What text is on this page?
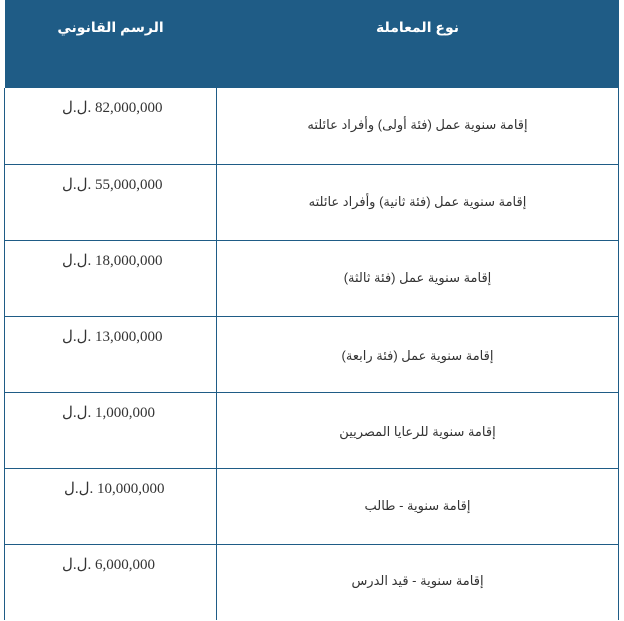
الرسم القانوني	نوع المعاملة
ل.ل. 82,000,000	إقامة سنوية عمل (فئة أولى) وأفراد عائلته
ل.ل. 55,000,000	إقامة سنوية عمل (فئة ثانية) وأفراد عائلته
ل.ل. 18,000,000	إقامة سنوية عمل (فئة ثالثة)
ل.ل. 13,000,000	إقامة سنوية عمل (فئة رابعة)
ل.ل. 1,000,000	إقامة سنوية للرعايا المصريين
ل.ل. 10,000,000	إقامة سنوية - طالب
ل.ل. 6,000,000	إقامة سنوية - قيد الدرس
